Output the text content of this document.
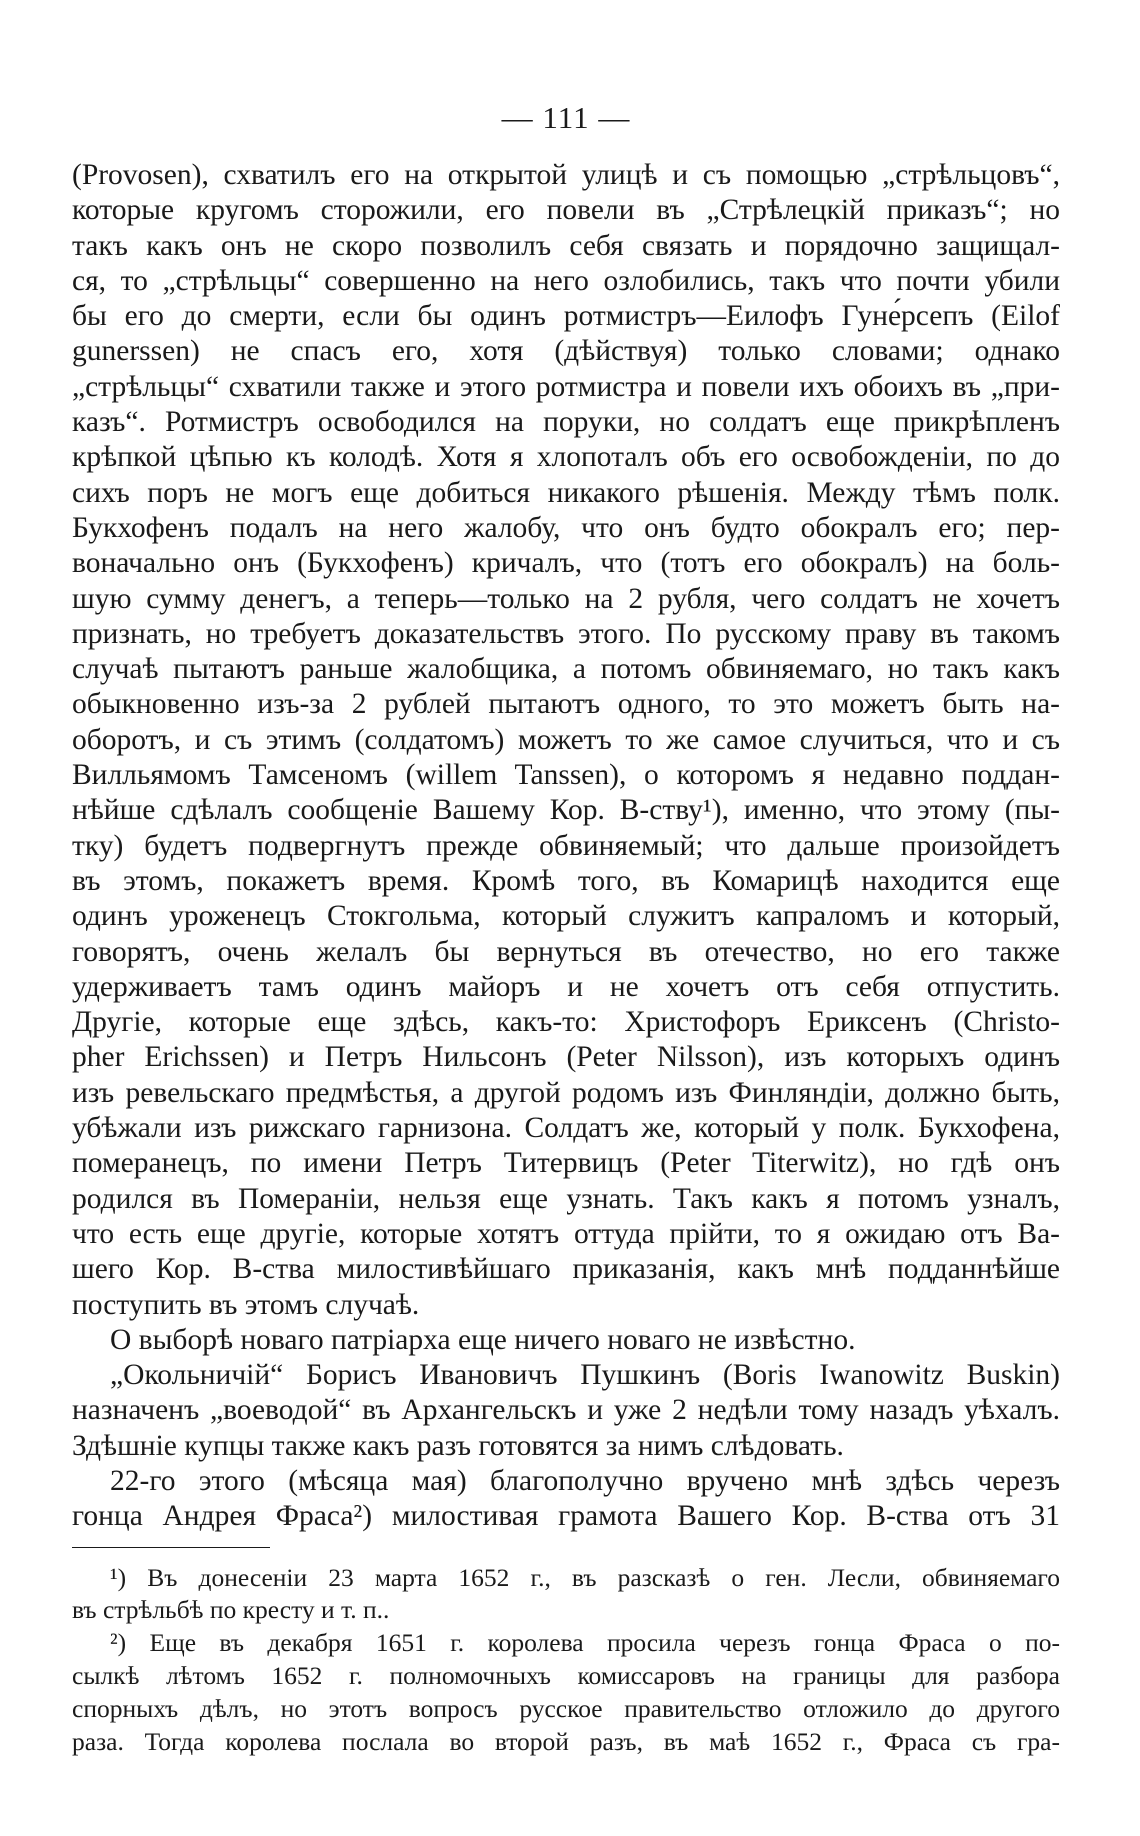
— 111 —
(Provosen), схватилъ его на открытой улицѣ и съ помощью „стрѣльцовъ“,
которые кругомъ сторожили, его повели въ „Стрѣлецкій приказъ“; но
такъ какъ онъ не скоро позволилъ себя связать и порядочно защищал-
ся, то „стрѣльцы“ совершенно на него озлобились, такъ что почти убили
бы его до смерти, если бы одинъ ротмистръ—Еилофъ Гуне́рсепъ (Eilof
gunerssen) не спасъ его, хотя (дѣйствуя) только словами; однако
„стрѣльцы“ схватили также и этого ротмистра и повели ихъ обоихъ въ „при-
казъ“. Ротмистръ освободился на поруки, но солдатъ еще прикрѣпленъ
крѣпкой цѣпью къ колодѣ. Хотя я хлопоталъ объ его освобожденіи, по до
сихъ поръ не могъ еще добиться никакого рѣшенія. Между тѣмъ полк.
Букхофенъ подалъ на него жалобу, что онъ будто обокралъ его; пер-
воначально онъ (Букхофенъ) кричалъ, что (тотъ его обокралъ) на боль-
шую сумму денегъ, а теперь—только на 2 рубля, чего солдатъ не хочетъ
признать, но требуетъ доказательствъ этого. По русскому праву въ такомъ
случаѣ пытаютъ раньше жалобщика, а потомъ обвиняемаго, но такъ какъ
обыкновенно изъ-за 2 рублей пытаютъ одного, то это можетъ быть на-
оборотъ, и съ этимъ (солдатомъ) можетъ то же самое случиться, что и съ
Вилльямомъ Тамсеномъ (willem Tanssen), о которомъ я недавно поддан-
нѣйше сдѣлалъ сообщеніе Вашему Кор. В-ству¹), именно, что этому (пы-
тку) будетъ подвергнутъ прежде обвиняемый; что дальше произойдетъ
въ этомъ, покажетъ время. Кромѣ того, въ Комарицѣ находится еще
одинъ уроженецъ Стокгольма, который служитъ капраломъ и который,
говорятъ, очень желалъ бы вернуться въ отечество, но его также
удерживаетъ тамъ одинъ майоръ и не хочетъ отъ себя отпустить.
Другіе, которые еще здѣсь, какъ-то: Христофоръ Ериксенъ (Christo-
pher Erichssen) и Петръ Нильсонъ (Peter Nilsson), изъ которыхъ одинъ
изъ ревельскаго предмѣстья, а другой родомъ изъ Финляндіи, должно быть,
убѣжали изъ рижскаго гарнизона. Солдатъ же, который у полк. Букхофена,
померанецъ, по имени Петръ Титервицъ (Peter Titerwitz), но гдѣ онъ
родился въ Помераніи, нельзя еще узнать. Такъ какъ я потомъ узналъ,
что есть еще другіе, которые хотятъ оттуда прійти, то я ожидаю отъ Ва-
шего Кор. В-ства милостивѣйшаго приказанія, какъ мнѣ подданнѣйше
поступить въ этомъ случаѣ.
О выборѣ новаго патріарха еще ничего новаго не извѣстно.
„Окольничій“ Борисъ Ивановичъ Пушкинъ (Boris Iwanowitz Buskin)
назначенъ „воеводой“ въ Архангельскъ и уже 2 недѣли тому назадъ уѣхалъ.
Здѣшніе купцы также какъ разъ готовятся за нимъ слѣдовать.
22-го этого (мѣсяца мая) благополучно вручено мнѣ здѣсь черезъ
гонца Андрея Фраса²) милостивая грамота Вашего Кор. В-ства отъ 31
¹) Въ донесеніи 23 марта 1652 г., въ разсказѣ о ген. Лесли, обвиняемаго
въ стрѣльбѣ по кресту и т. п..
²) Еще въ декабря 1651 г. королева просила черезъ гонца Фраса о по-
сылкѣ лѣтомъ 1652 г. полномочныхъ комиссаровъ на границы для разбора
спорныхъ дѣлъ, но этотъ вопросъ русское правительство отложило до другого
раза. Тогда королева послала во второй разъ, въ маѣ 1652 г., Фраса съ гра-
